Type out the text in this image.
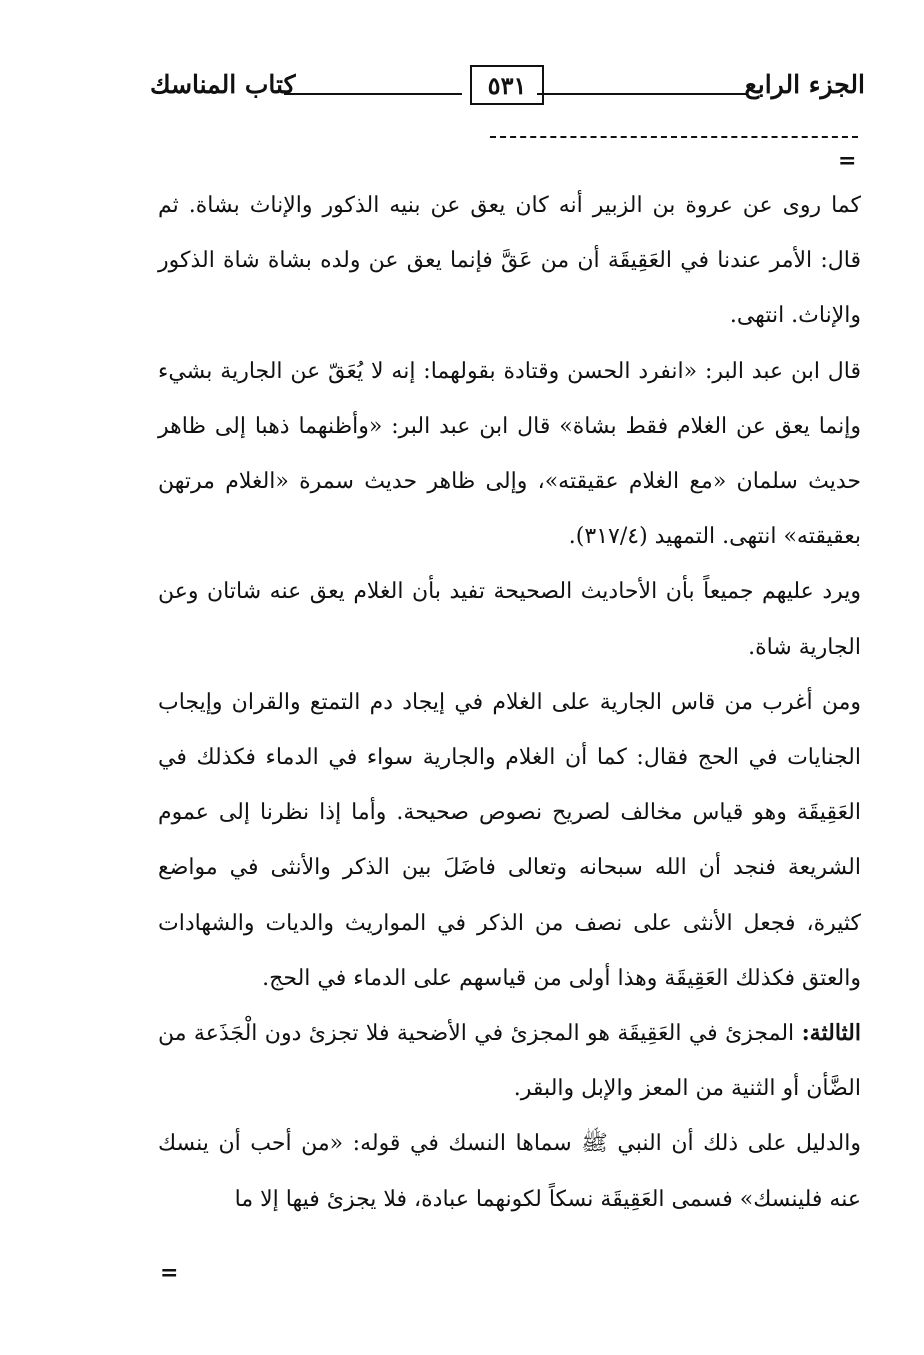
الجزء الرابع
٥٣١
كتاب المناسك
=

كما روى عن عروة بن الزبير أنه كان يعق عن بنيه الذكور والإناث بشاة. ثم قال: الأمر عندنا في العَقِيقَة أن من عَقَّ فإنما يعق عن ولده بشاة شاة الذكور والإناث. انتهى.

قال ابن عبد البر: «انفرد الحسن وقتادة بقولهما: إنه لا يُعَقّ عن الجارية بشيء وإنما يعق عن الغلام فقط بشاة» قال ابن عبد البر: «وأظنهما ذهبا إلى ظاهر حديث سلمان «مع الغلام عقيقته»، وإلى ظاهر حديث سمرة «الغلام مرتهن بعقيقته» انتهى. التمهيد (٣١٧/٤).

ويرد عليهم جميعاً بأن الأحاديث الصحيحة تفيد بأن الغلام يعق عنه شاتان وعن الجارية شاة.

ومن أغرب من قاس الجارية على الغلام في إيجاد دم التمتع والقران وإيجاب الجنايات في الحج فقال: كما أن الغلام والجارية سواء في الدماء فكذلك في العَقِيقَة وهو قياس مخالف لصريح نصوص صحيحة. وأما إذا نظرنا إلى عموم الشريعة فنجد أن الله سبحانه وتعالى فاضَلَ بين الذكر والأنثى في مواضع كثيرة، فجعل الأنثى على نصف من الذكر في المواريث والديات والشهادات والعتق فكذلك العَقِيقَة وهذا أولى من قياسهم على الدماء في الحج.

الثالثة: المجزئ في العَقِيقَة هو المجزئ في الأضحية فلا تجزئ دون الْجَذَعة من الضَّأن أو الثنية من المعز والإبل والبقر.

والدليل على ذلك أن النبي ﷺ سماها النسك في قوله: «من أحب أن ينسك عنه فلينسك» فسمى العَقِيقَة نسكاً لكونهما عبادة، فلا يجزئ فيها إلا ما

=
